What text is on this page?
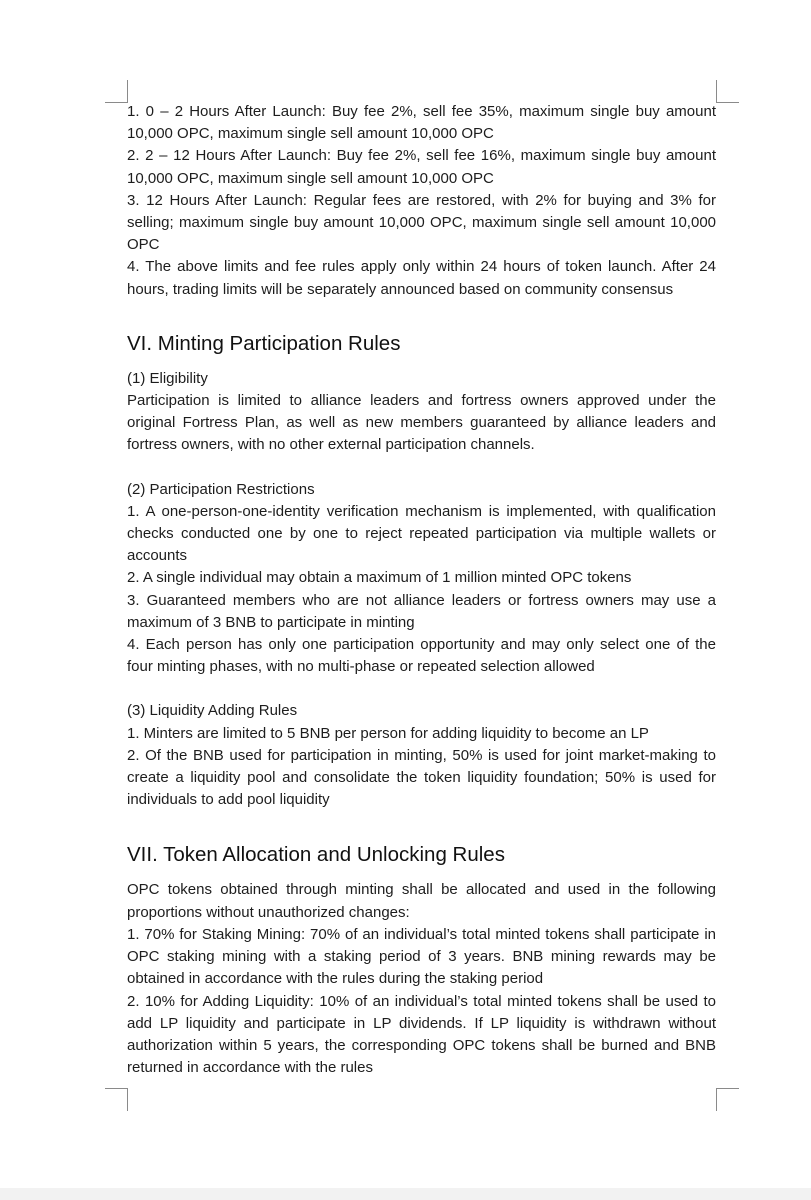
1. 0 – 2 Hours After Launch: Buy fee 2%, sell fee 35%, maximum single buy amount 10,000 OPC, maximum single sell amount 10,000 OPC

2. 2 – 12 Hours After Launch: Buy fee 2%, sell fee 16%, maximum single buy amount 10,000 OPC, maximum single sell amount 10,000 OPC

3. 12 Hours After Launch: Regular fees are restored, with 2% for buying and 3% for selling; maximum single buy amount 10,000 OPC, maximum single sell amount 10,000 OPC

4. The above limits and fee rules apply only within 24 hours of token launch. After 24 hours, trading limits will be separately announced based on community consensus

VI. Minting Participation Rules

(1) Eligibility

Participation is limited to alliance leaders and fortress owners approved under the original Fortress Plan, as well as new members guaranteed by alliance leaders and fortress owners, with no other external participation channels.

(2) Participation Restrictions

1. A one-person-one-identity verification mechanism is implemented, with qualification checks conducted one by one to reject repeated participation via multiple wallets or accounts

2. A single individual may obtain a maximum of 1 million minted OPC tokens

3. Guaranteed members who are not alliance leaders or fortress owners may use a maximum of 3 BNB to participate in minting

4. Each person has only one participation opportunity and may only select one of the four minting phases, with no multi-phase or repeated selection allowed

(3) Liquidity Adding Rules

1. Minters are limited to 5 BNB per person for adding liquidity to become an LP

2. Of the BNB used for participation in minting, 50% is used for joint market-making to create a liquidity pool and consolidate the token liquidity foundation; 50% is used for individuals to add pool liquidity

VII. Token Allocation and Unlocking Rules

OPC tokens obtained through minting shall be allocated and used in the following proportions without unauthorized changes:

1. 70% for Staking Mining: 70% of an individual’s total minted tokens shall participate in OPC staking mining with a staking period of 3 years. BNB mining rewards may be obtained in accordance with the rules during the staking period

2. 10% for Adding Liquidity: 10% of an individual’s total minted tokens shall be used to add LP liquidity and participate in LP dividends. If LP liquidity is withdrawn without authorization within 5 years, the corresponding OPC tokens shall be burned and BNB returned in accordance with the rules
